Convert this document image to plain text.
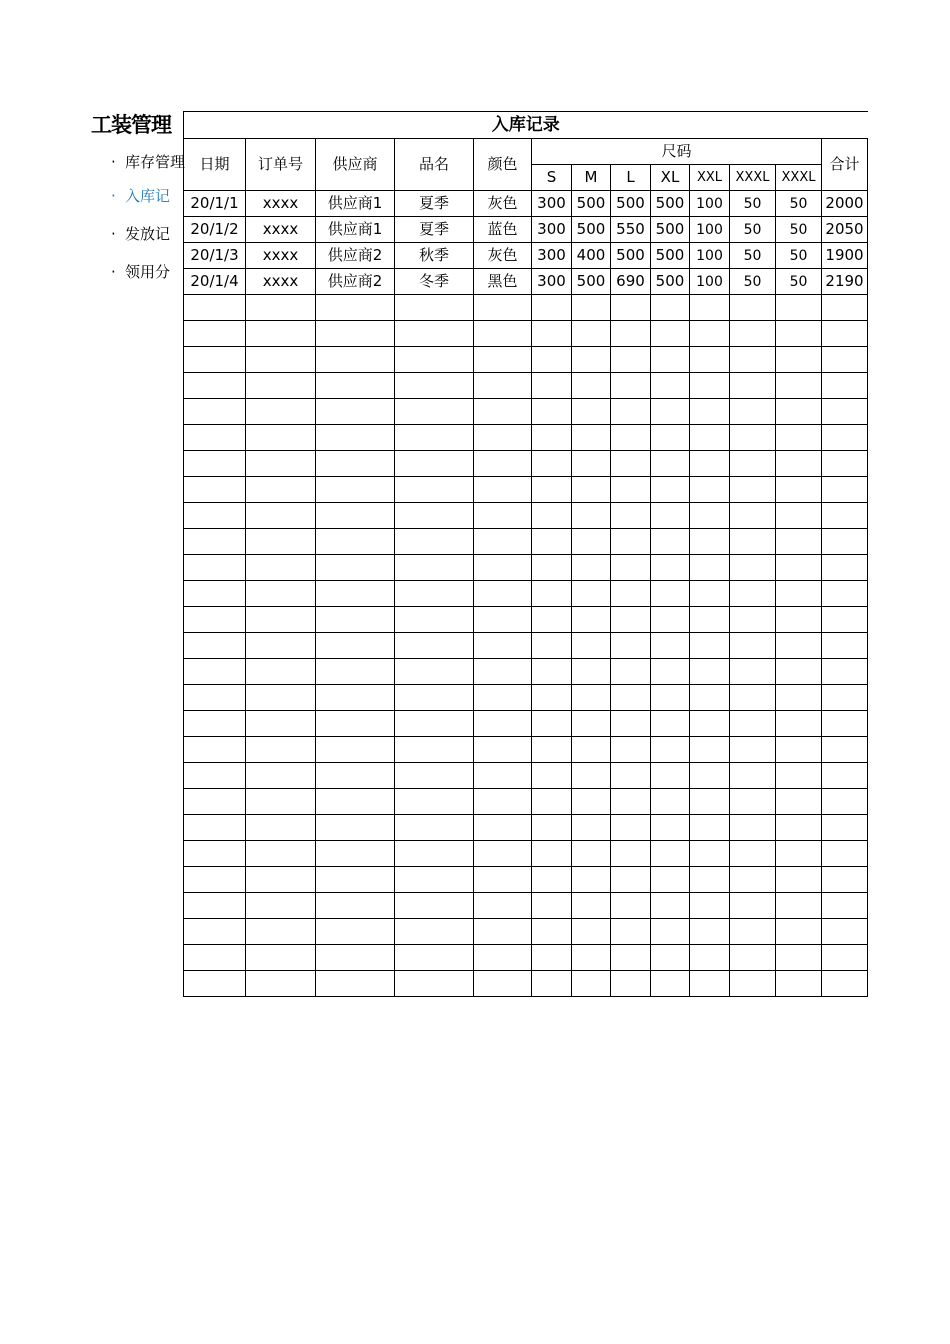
工装管理
· 库存管理
· 入库记
· 发放记
· 领用分
入库记录												
日期	订单号	供应商	品名	颜色	尺码							合计
					S	M	L	XL	XXL	XXXL	XXXL	
20/1/1	xxxx	供应商1	夏季	灰色	300	500	500	500	100	50	50	2000
20/1/2	xxxx	供应商1	夏季	蓝色	300	500	550	500	100	50	50	2050
20/1/3	xxxx	供应商2	秋季	灰色	300	400	500	500	100	50	50	1900
20/1/4	xxxx	供应商2	冬季	黑色	300	500	690	500	100	50	50	2190
